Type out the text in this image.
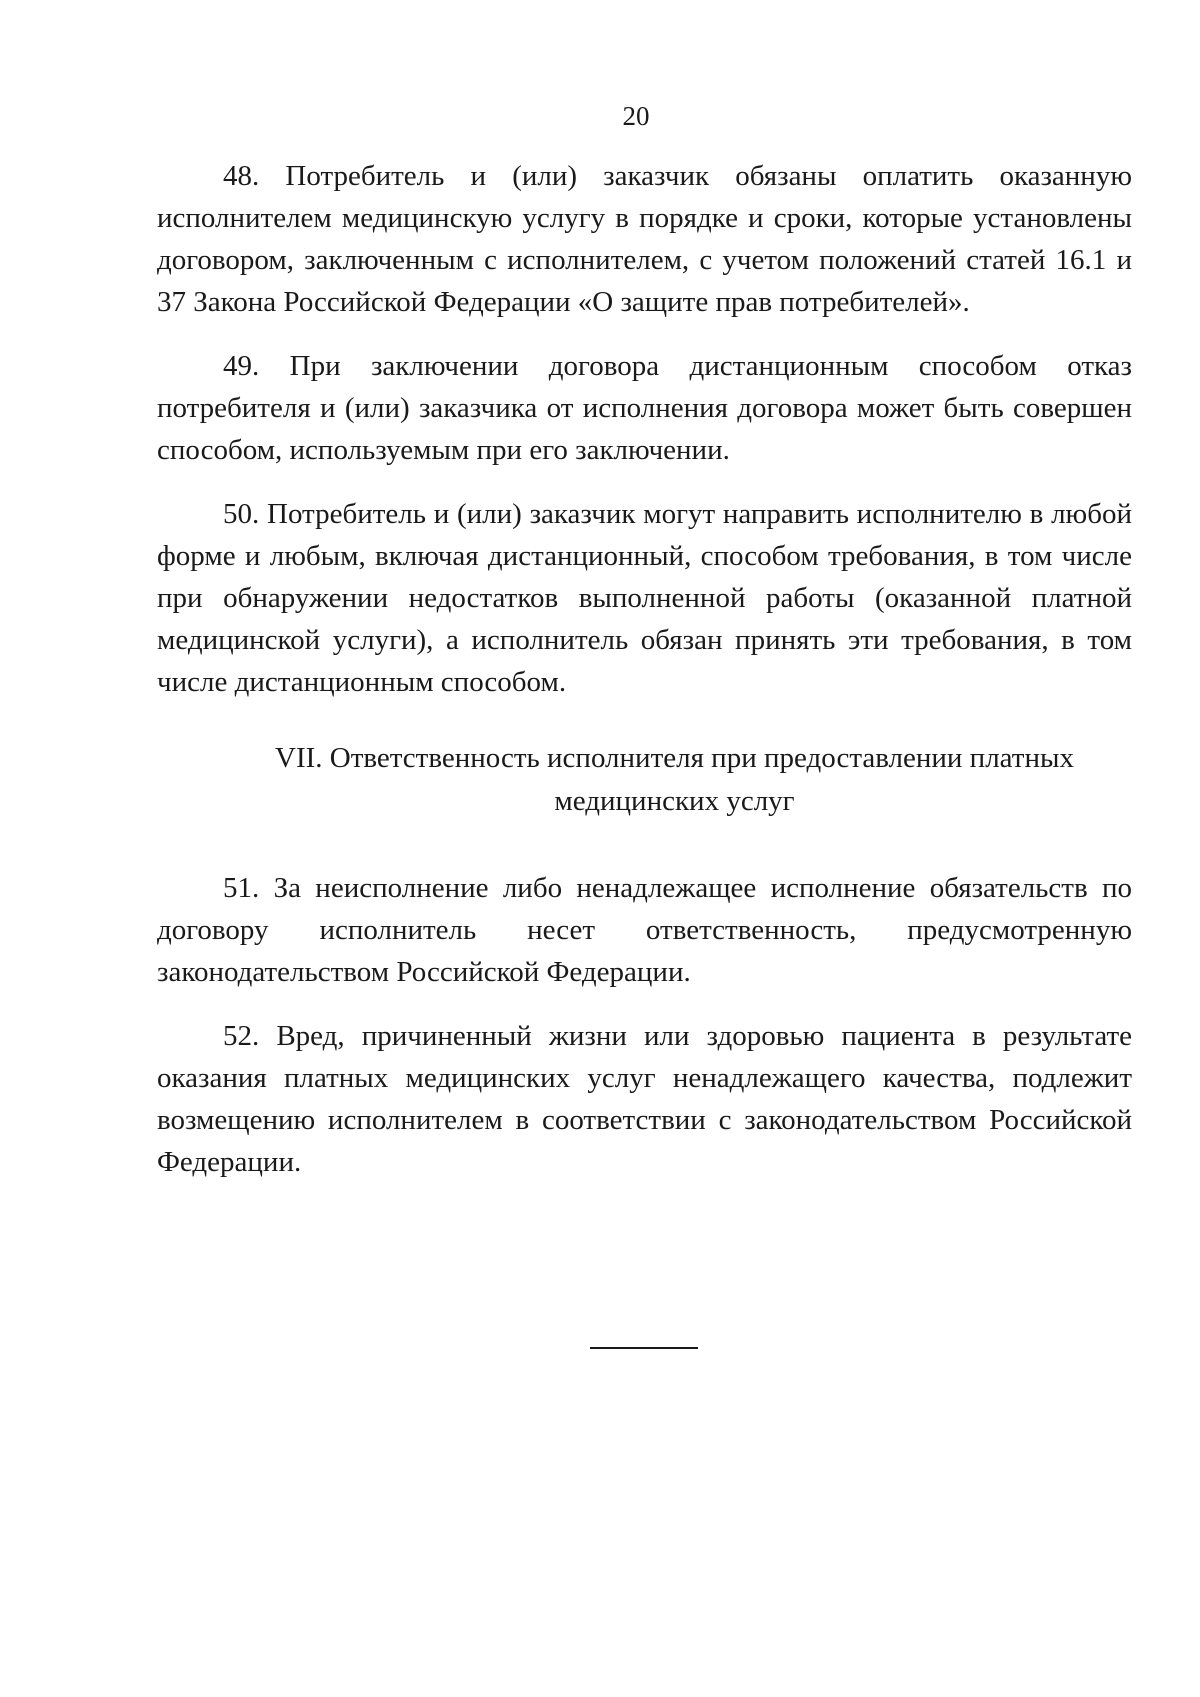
20

48. Потребитель и (или) заказчик обязаны оплатить оказанную исполнителем медицинскую услугу в порядке и сроки, которые установлены договором, заключенным с исполнителем, с учетом положений статей 16.1 и 37 Закона Российской Федерации «О защите прав потребителей».

49. При заключении договора дистанционным способом отказ потребителя и (или) заказчика от исполнения договора может быть совершен способом, используемым при его заключении.

50. Потребитель и (или) заказчик могут направить исполнителю в любой форме и любым, включая дистанционный, способом требования, в том числе при обнаружении недостатков выполненной работы (оказанной платной медицинской услуги), а исполнитель обязан принять эти требования, в том числе дистанционным способом.

VII. Ответственность исполнителя при предоставлении платных
медицинских услуг

51. За неисполнение либо ненадлежащее исполнение обязательств по договору исполнитель несет ответственность, предусмотренную законодательством Российской Федерации.

52. Вред, причиненный жизни или здоровью пациента в результате оказания платных медицинских услуг ненадлежащего качества, подлежит возмещению исполнителем в соответствии с законодательством Российской Федерации.
